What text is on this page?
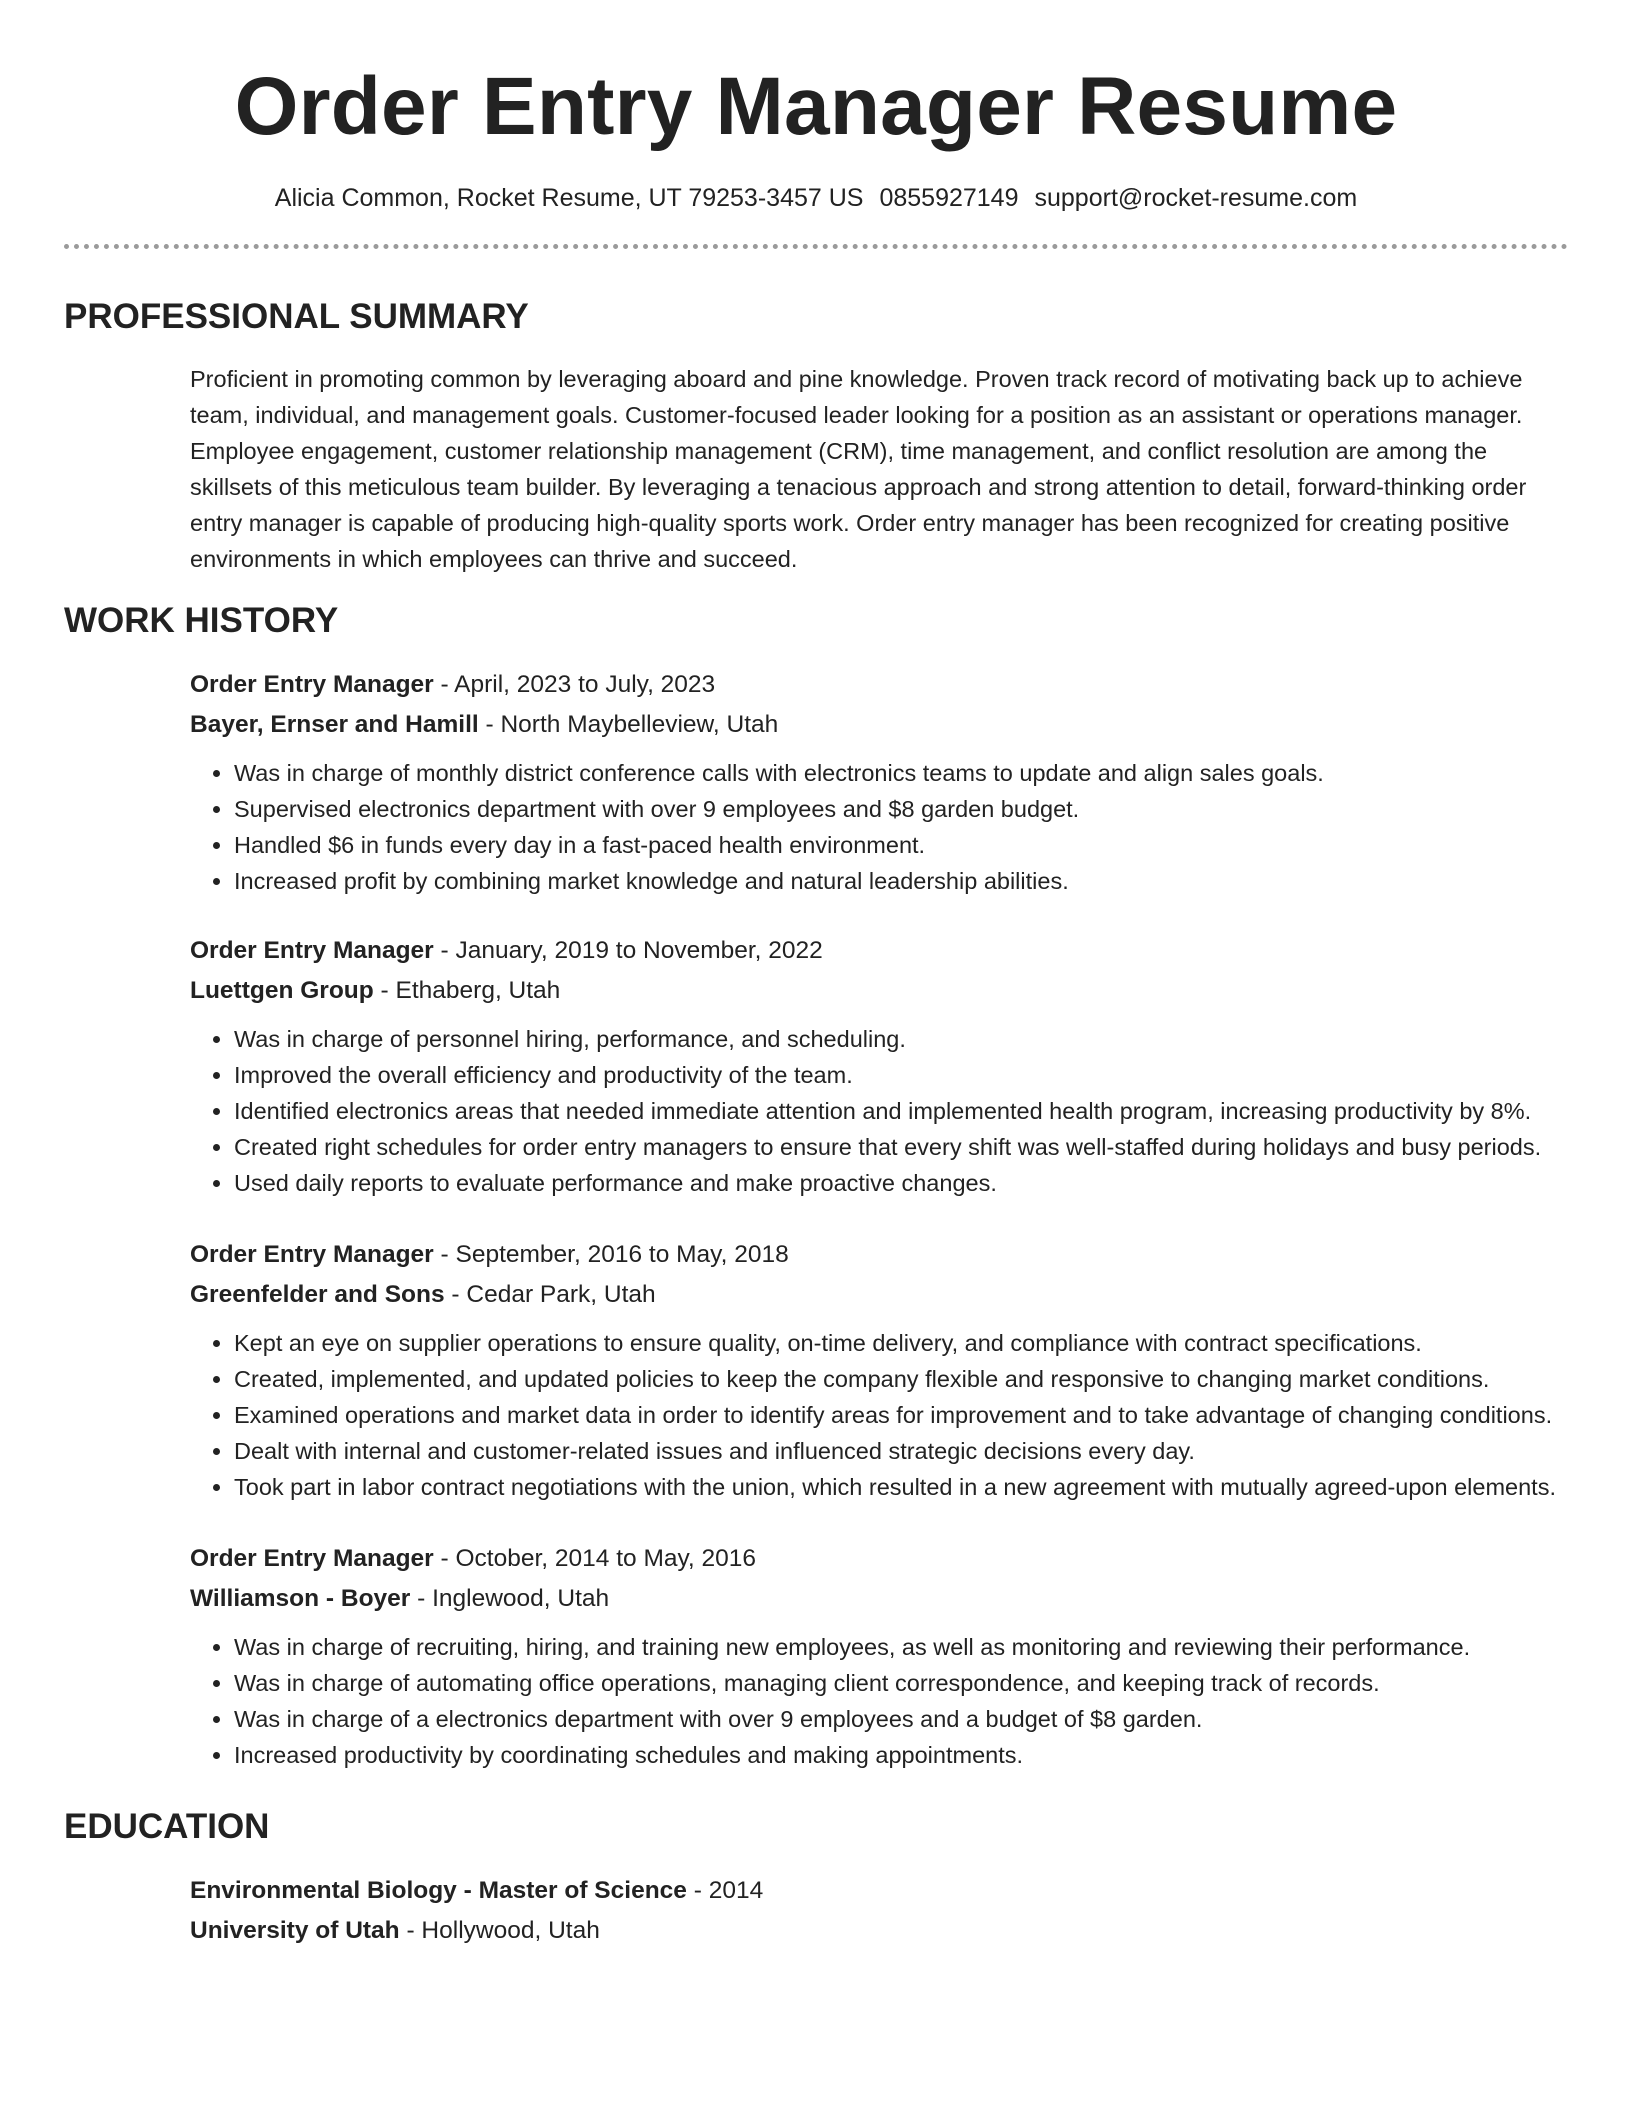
Order Entry Manager Resume
Alicia Common, Rocket Resume, UT 79253-3457 US 0855927149 support@rocket-resume.com
PROFESSIONAL SUMMARY

Proficient in promoting common by leveraging aboard and pine knowledge. Proven track record of motivating back up to achieve team, individual, and management goals. Customer-focused leader looking for a position as an assistant or operations manager. Employee engagement, customer relationship management (CRM), time management, and conflict resolution are among the skillsets of this meticulous team builder. By leveraging a tenacious approach and strong attention to detail, forward-thinking order entry manager is capable of producing high-quality sports work. Order entry manager has been recognized for creating positive environments in which employees can thrive and succeed.

WORK HISTORY
Order Entry Manager - April, 2023 to July, 2023
Bayer, Ernser and Hamill - North Maybelleview, Utah
• Was in charge of monthly district conference calls with electronics teams to update and align sales goals.
• Supervised electronics department with over 9 employees and $8 garden budget.
• Handled $6 in funds every day in a fast-paced health environment.
• Increased profit by combining market knowledge and natural leadership abilities.
Order Entry Manager - January, 2019 to November, 2022
Luettgen Group - Ethaberg, Utah
• Was in charge of personnel hiring, performance, and scheduling.
• Improved the overall efficiency and productivity of the team.
• Identified electronics areas that needed immediate attention and implemented health program, increasing productivity by 8%.
• Created right schedules for order entry managers to ensure that every shift was well-staffed during holidays and busy periods.
• Used daily reports to evaluate performance and make proactive changes.
Order Entry Manager - September, 2016 to May, 2018
Greenfelder and Sons - Cedar Park, Utah
• Kept an eye on supplier operations to ensure quality, on-time delivery, and compliance with contract specifications.
• Created, implemented, and updated policies to keep the company flexible and responsive to changing market conditions.
• Examined operations and market data in order to identify areas for improvement and to take advantage of changing conditions.
• Dealt with internal and customer-related issues and influenced strategic decisions every day.
• Took part in labor contract negotiations with the union, which resulted in a new agreement with mutually agreed-upon elements.
Order Entry Manager - October, 2014 to May, 2016
Williamson - Boyer - Inglewood, Utah
• Was in charge of recruiting, hiring, and training new employees, as well as monitoring and reviewing their performance.
• Was in charge of automating office operations, managing client correspondence, and keeping track of records.
• Was in charge of a electronics department with over 9 employees and a budget of $8 garden.
• Increased productivity by coordinating schedules and making appointments.
EDUCATION
Environmental Biology - Master of Science - 2014
University of Utah - Hollywood, Utah
